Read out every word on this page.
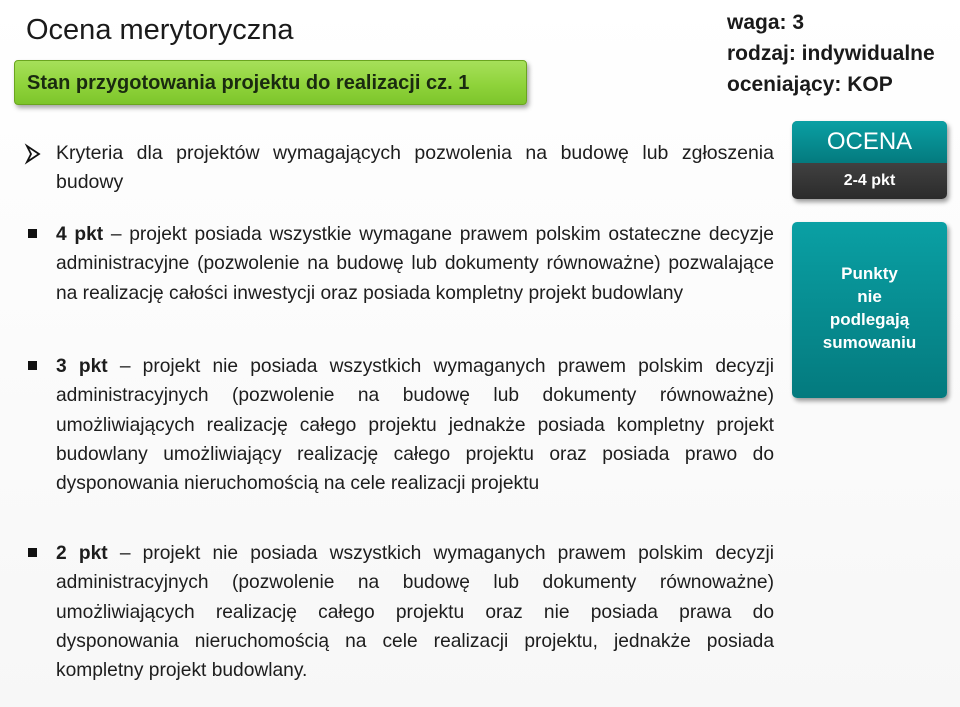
Ocena merytoryczna
Stan przygotowania projektu do realizacji cz. 1
waga: 3
rodzaj: indywidualne
oceniający: KOP
Kryteria dla projektów wymagających pozwolenia na budowę lub zgłoszenia budowy
4 pkt – projekt posiada wszystkie wymagane prawem polskim ostateczne decyzje administracyjne (pozwolenie na budowę lub dokumenty równoważne) pozwalające na realizację całości inwestycji oraz posiada kompletny projekt budowlany
3 pkt – projekt nie posiada wszystkich wymaganych prawem polskim decyzji administracyjnych (pozwolenie na budowę lub dokumenty równoważne) umożliwiających realizację całego projektu jednakże posiada kompletny projekt budowlany umożliwiający realizację całego projektu oraz posiada prawo do dysponowania nieruchomością na cele realizacji projektu
2 pkt – projekt nie posiada wszystkich wymaganych prawem polskim decyzji administracyjnych (pozwolenie na budowę lub dokumenty równoważne) umożliwiających realizację całego projektu oraz nie posiada prawa do dysponowania nieruchomością na cele realizacji projektu, jednakże posiada kompletny projekt budowlany.
OCENA
2-4 pkt
Punkty
nie
podlegają
sumowaniu
